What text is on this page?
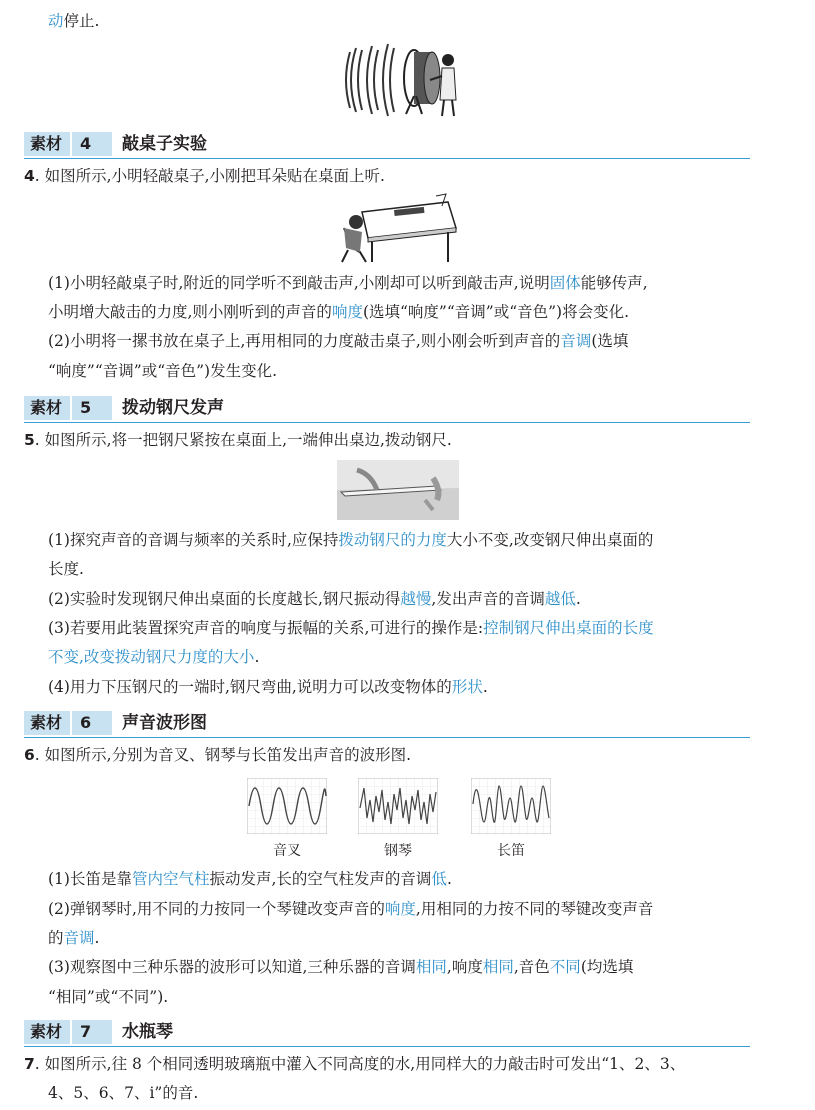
动停止.
素材 4	敲桌子实验
4. 如图所示,小明轻敲桌子,小刚把耳朵贴在桌面上听.
(1)小明轻敲桌子时,附近的同学听不到敲击声,小刚却可以听到敲击声,说明固体能够传声,
小明增大敲击的力度,则小刚听到的声音的响度(选填“响度”“音调”或“音色”)将会变化.
(2)小明将一摞书放在桌子上,再用相同的力度敲击桌子,则小刚会听到声音的音调(选填
“响度”“音调”或“音色”)发生变化.
素材 5	拨动钢尺发声
5. 如图所示,将一把钢尺紧按在桌面上,一端伸出桌边,拨动钢尺.
(1)探究声音的音调与频率的关系时,应保持拨动钢尺的力度大小不变,改变钢尺伸出桌面的
长度.
(2)实验时发现钢尺伸出桌面的长度越长,钢尺振动得越慢,发出声音的音调越低.
(3)若要用此装置探究声音的响度与振幅的关系,可进行的操作是:控制钢尺伸出桌面的长度
不变,改变拨动钢尺力度的大小.
(4)用力下压钢尺的一端时,钢尺弯曲,说明力可以改变物体的形状.
素材 6	声音波形图
6. 如图所示,分别为音叉、钢琴与长笛发出声音的波形图.
音叉	钢琴	长笛
(1)长笛是靠管内空气柱振动发声,长的空气柱发声的音调低.
(2)弹钢琴时,用不同的力按同一个琴键改变声音的响度,用相同的力按不同的琴键改变声音
的音调.
(3)观察图中三种乐器的波形可以知道,三种乐器的音调相同,响度相同,音色不同(均选填
“相同”或“不同”).
素材 7	水瓶琴
7. 如图所示,往 8 个相同透明玻璃瓶中灌入不同高度的水,用同样大的力敲击时可发出“1、2、3、
4、5、6、7、i”的音.
